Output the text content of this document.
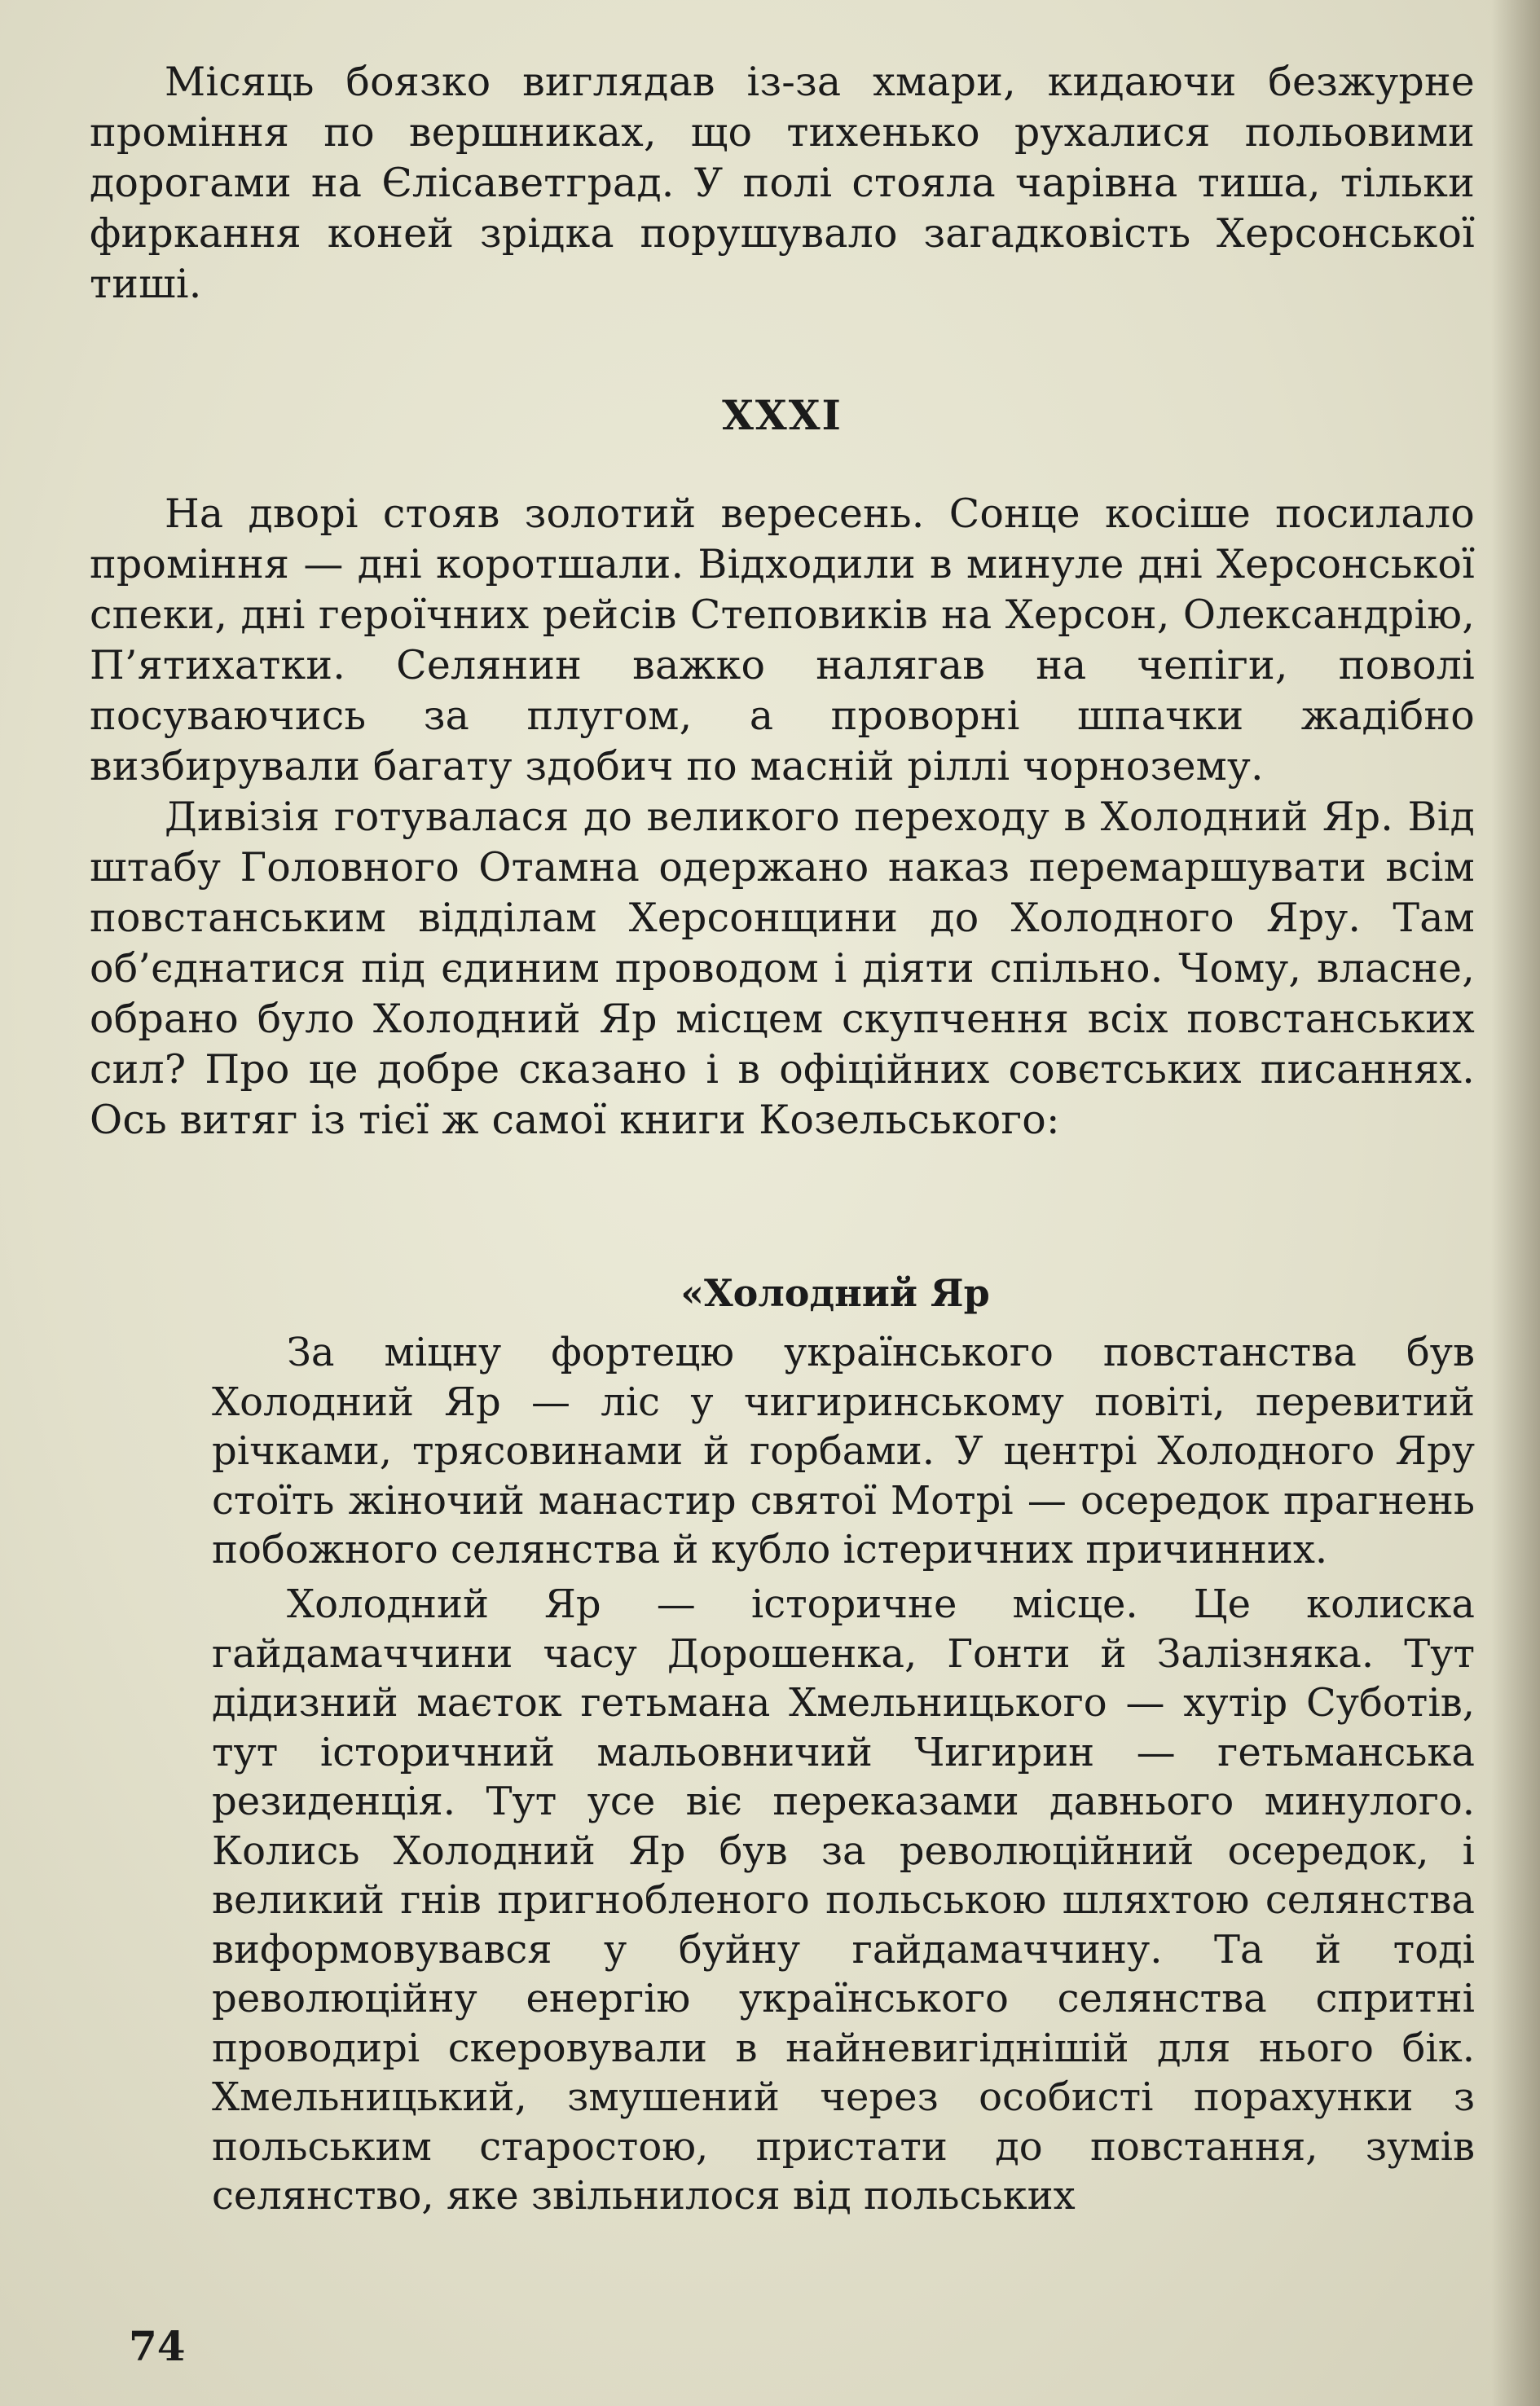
Місяць боязко виглядав із-за хмари, кидаючи безжурне проміння по вершниках, що тихенько рухалися польовими дорогами на Єлісаветград. У полі стояла чарівна тиша, тільки фиркання коней зрідка порушувало загадковість Херсонської тиші.

XXXI

На дворі стояв золотий вересень. Сонце косіше посилало проміння — дні коротшали. Відходили в минуле дні Херсонської спеки, дні героїчних рейсів Степовиків на Херсон, Олександрію, П’ятихатки. Селянин важко налягав на чепіги, поволі посуваючись за плугом, а проворні шпачки жадібно визбирували багату здобич по масній ріллі чорнозему.

Дивізія готувалася до великого переходу в Холодний Яр. Від штабу Головного Отамна одержано наказ перемаршувати всім повстанським відділам Херсонщини до Холодного Яру. Там об’єднатися під єдиним проводом і діяти спільно. Чому, власне, обрано було Холодний Яр місцем скупчення всіх повстанських сил? Про це добре сказано і в офіційних совєтських писаннях. Ось витяг із тієї ж самої книги Козельського:

«Холодний Яр

За міцну фортецю українського повстанства був Холодний Яр — ліс у чигиринському повіті, перевитий річками, трясовинами й горбами. У центрі Холодного Яру стоїть жіночий манастир святої Мотрі — осередок прагнень побожного селянства й кубло істеричних причинних.

Холодний Яр — історичне місце. Це колиска гайдамаччини часу Дорошенка, Гонти й Залізняка. Тут дідизний маєток гетьмана Хмельницького — хутір Суботів, тут історичний мальовничий Чигирин — гетьманська резиденція. Тут усе віє переказами давнього минулого. Колись Холодний Яр був за революційний осередок, і великий гнів пригнобленого польською шляхтою селянства виформовувався у буйну гайдамаччину. Та й тоді революційну енергію українського селянства спритні проводирі скеровували в найневигіднішій для нього бік. Хмельницький, змушений через особисті порахунки з польським старостою, пристати до повстання, зумів селянство, яке звільнилося від польських

74
